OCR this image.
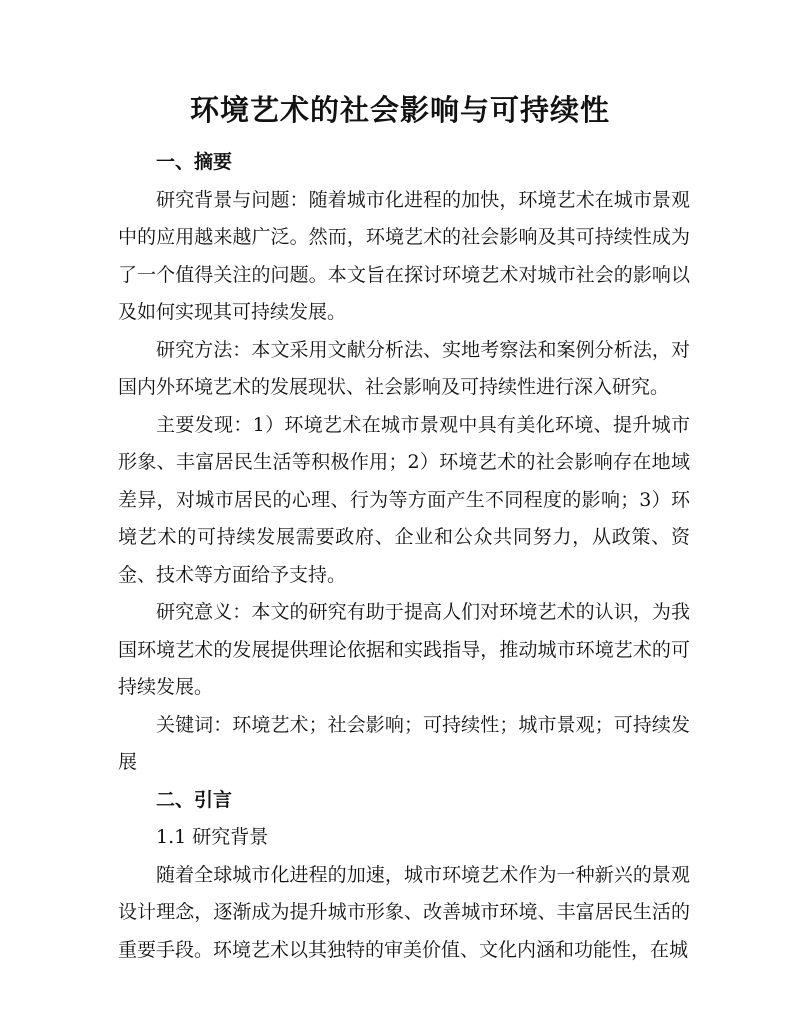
环境艺术的社会影响与可持续性

一、摘要

研究背景与问题：随着城市化进程的加快，环境艺术在城市景观中的应用越来越广泛。然而，环境艺术的社会影响及其可持续性成为了一个值得关注的问题。本文旨在探讨环境艺术对城市社会的影响以及如何实现其可持续发展。

研究方法：本文采用文献分析法、实地考察法和案例分析法，对国内外环境艺术的发展现状、社会影响及可持续性进行深入研究。

主要发现：1）环境艺术在城市景观中具有美化环境、提升城市形象、丰富居民生活等积极作用；2）环境艺术的社会影响存在地域差异，对城市居民的心理、行为等方面产生不同程度的影响；3）环境艺术的可持续发展需要政府、企业和公众共同努力，从政策、资金、技术等方面给予支持。

研究意义：本文的研究有助于提高人们对环境艺术的认识，为我国环境艺术的发展提供理论依据和实践指导，推动城市环境艺术的可持续发展。

关键词：环境艺术；社会影响；可持续性；城市景观；可持续发展

二、引言

1.1 研究背景

随着全球城市化进程的加速，城市环境艺术作为一种新兴的景观设计理念，逐渐成为提升城市形象、改善城市环境、丰富居民生活的重要手段。环境艺术以其独特的审美价值、文化内涵和功能性，在城
